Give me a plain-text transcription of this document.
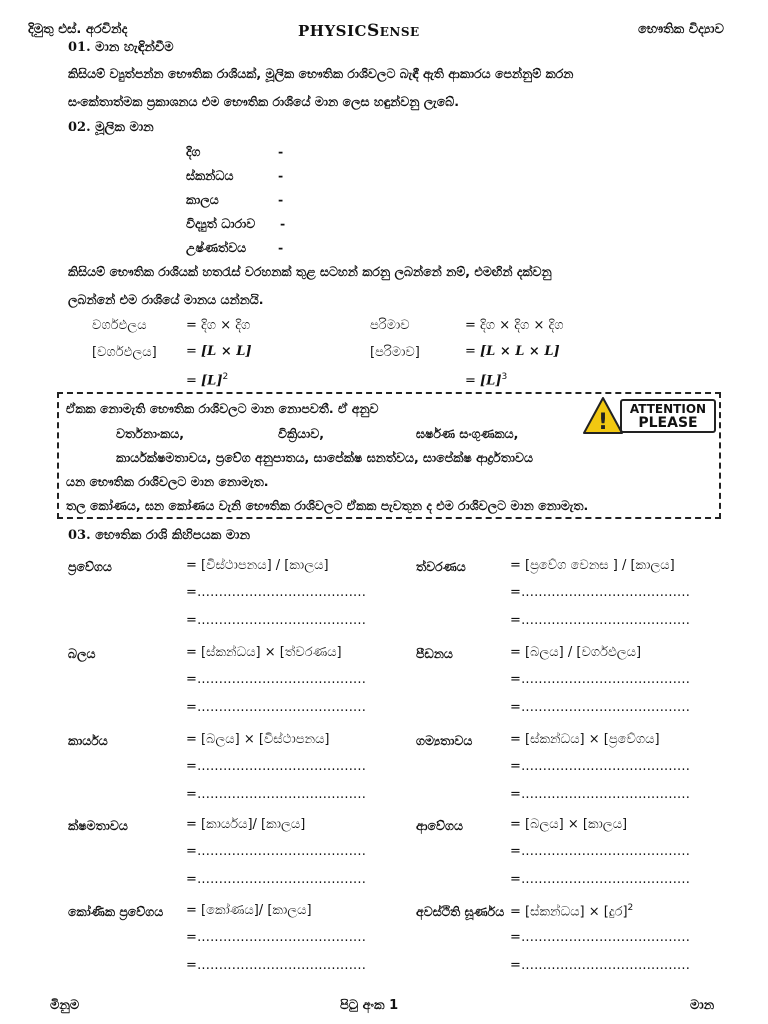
දිමුතු එස්. අරවින්ද	PHYSICSENSE	භෞතික විද්‍යාව
01. මාන හැඳින්වීම
කිසියම් ව්‍යුත්පන්න භෞතික රාශියක්, මූලික භෞතික රාශිවලට බැඳී ඇති ආකාරය පෙන්නුම් කරන
සංකේතාත්මක ප්‍රකාශනය එම භෞතික රාශියේ මාන ලෙස හඳුන්වනු ලැබේ.
02. මූලික මාන
දිග	-
ස්කන්ධය	-
කාලය	-
විද්‍යුත් ධාරාව -
උෂ්ණත්වය	-
කිසියම් භෞතික රාශියක් හතරැස් වරහනක් තුළ සටහන් කරනු ලබන්නේ නම්, එමඟින් දක්වනු
ලබන්නේ එම රාශියේ මානය යන්නයි.
වර්ගඵලය	= දිග × දිග	පරිමාව	= දිග × දිග × දිග
[වර්ගඵලය] = [L × L]	[පරිමාව]	= [L × L × L]
= $[L]^2$	= $[L]^3$
!
ATTENTION
PLEASE
ඒකක නොමැති භෞතික රාශිවලට මාන නොපවතී. ඒ අනුව
වර්තනාංකය,	වික්‍රියාව,	ඝර්ෂණ සංගුණකය,
කාර්යක්ෂමතාවය, ප්‍රවේග අනුපාතය, සාපේක්ෂ ඝනත්වය, සාපේක්ෂ ආර්ද්‍රතාවය
යන භෞතික රාශිවලට මාන නොමැත.
තල කෝණය, ඝන කෝණය වැනි භෞතික රාශිවලට ඒකක පැවතුන ද එම රාශිවලට මාන නොමැත.
03. භෞතික රාශි කිහිපයක මාන
ප්‍රවේගය	= [විස්ථාපනය] / [කාලය]
=.......................................
=.......................................
ත්වරණය	= [ප්‍රවේග වෙනස ] / [කාලය]
=.......................................
=.......................................
බලය	= [ස්කන්ධය] × [ත්වරණය]
=.......................................
=.......................................
පීඩනය	= [බලය] / [වර්ගඵලය]
=.......................................
=.......................................
කාර්යය	= [බලය] × [විස්ථාපනය]
=.......................................
=.......................................
ගම්‍යතාවය	= [ස්කන්ධය] × [ප්‍රවේගය]
=.......................................
=.......................................
ක්ෂමතාවය	= [කාර්යය]/ [කාලය]
=.......................................
=.......................................
ආවේගය	= [බලය] × [කාලය]
=.......................................
=.......................................
කෝණික ප්‍රවේගය = [කෝණය]/ [කාලය]
=.......................................
=.......................................
අවස්ථිති ඝූර්ණය = [ස්කන්ධය] × [දුර]$^2$
=.......................................
=.......................................
මිනුම	පිටු අංක 1	මාන
